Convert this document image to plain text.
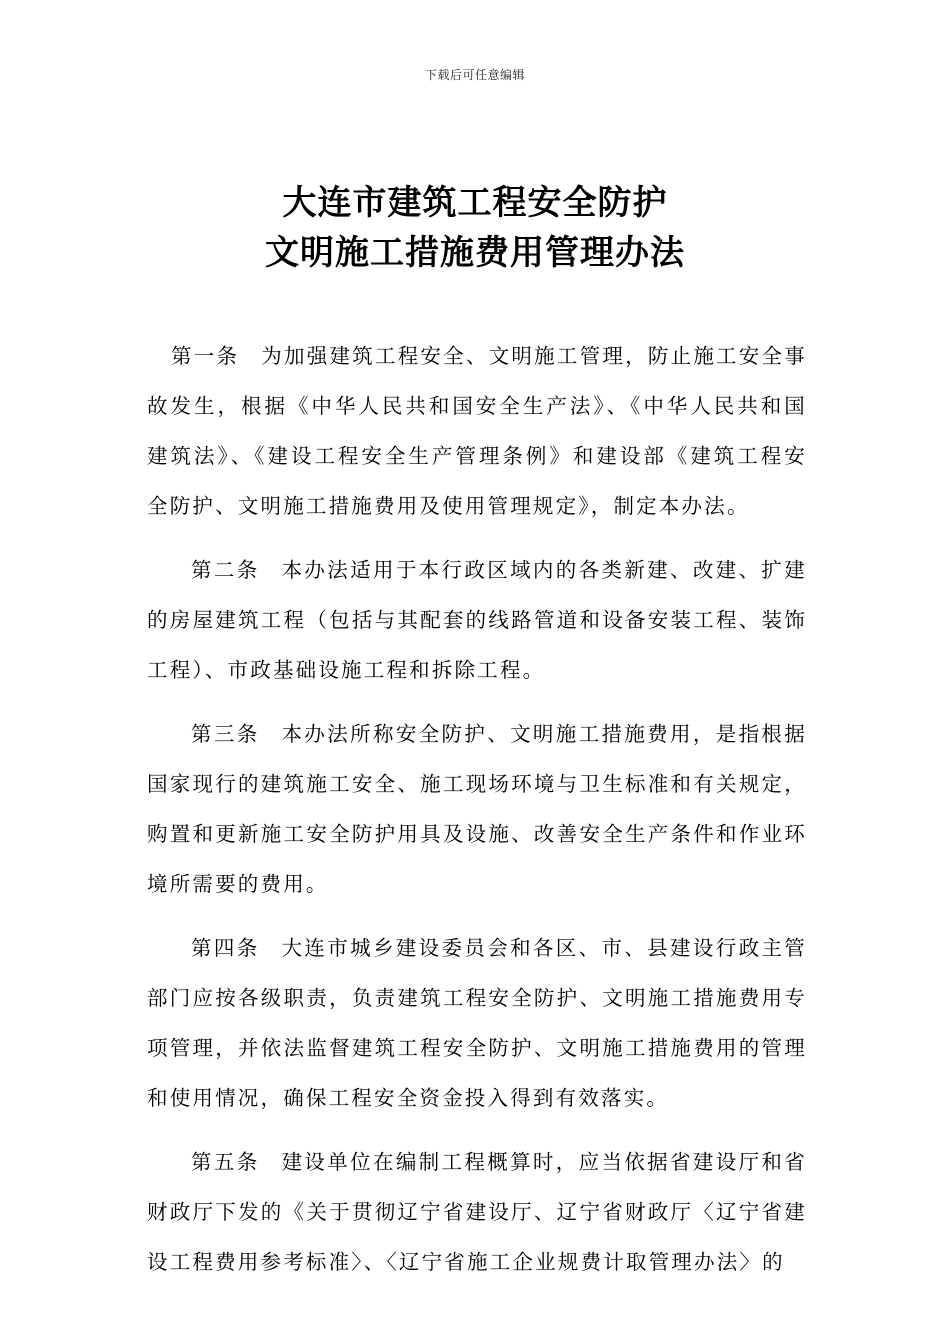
下载后可任意编辑
大连市建筑工程安全防护
文明施工措施费用管理办法

第一条 为加强建筑工程安全、文明施工管理，防止施工安全事故发生，根据《中华人民共和国安全生产法》、《中华人民共和国建筑法》、《建设工程安全生产管理条例》和建设部《建筑工程安全防护、文明施工措施费用及使用管理规定》，制定本办法。

第二条 本办法适用于本行政区域内的各类新建、改建、扩建的房屋建筑工程（包括与其配套的线路管道和设备安装工程、装饰工程）、市政基础设施工程和拆除工程。

第三条 本办法所称安全防护、文明施工措施费用，是指根据国家现行的建筑施工安全、施工现场环境与卫生标准和有关规定，购置和更新施工安全防护用具及设施、改善安全生产条件和作业环境所需要的费用。

第四条 大连市城乡建设委员会和各区、市、县建设行政主管部门应按各级职责，负责建筑工程安全防护、文明施工措施费用专项管理，并依法监督建筑工程安全防护、文明施工措施费用的管理和使用情况，确保工程安全资金投入得到有效落实。

第五条 建设单位在编制工程概算时，应当依据省建设厅和省财政厅下发的《关于贯彻辽宁省建设厅、辽宁省财政厅〈辽宁省建设工程费用参考标准〉、〈辽宁省施工企业规费计取管理办法〉的
